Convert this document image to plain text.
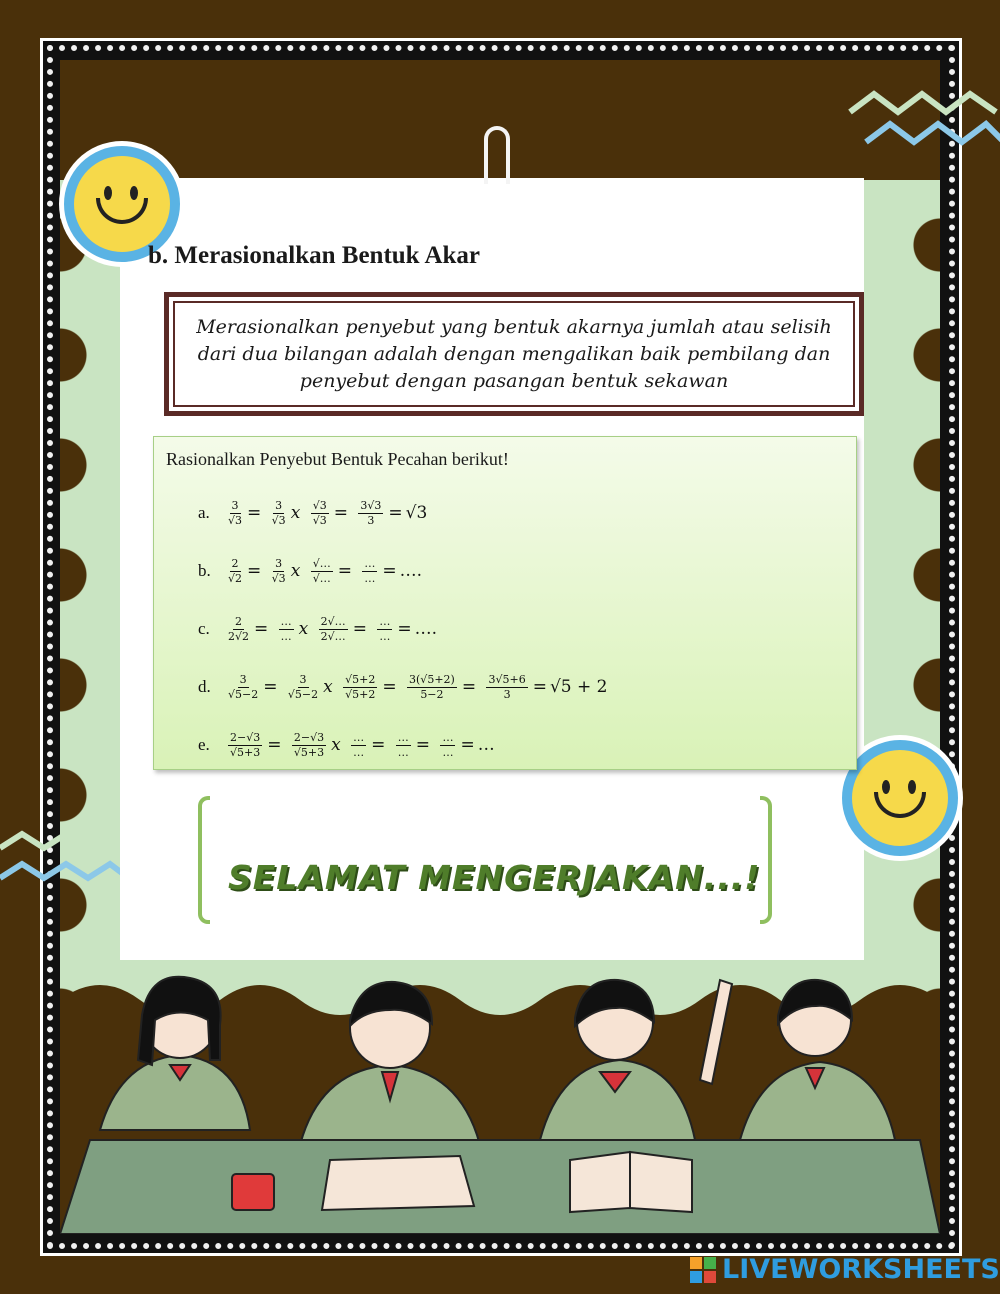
b. Merasionalkan Bentuk Akar
Merasionalkan penyebut yang bentuk akarnya jumlah atau selisih dari dua bilangan adalah dengan mengalikan baik pembilang dan penyebut dengan pasangan bentuk sekawan
Rasionalkan Penyebut Bentuk Pecahan berikut!
a.	$\frac{3}{√3} = \frac{3}{√3}$ x $\frac{√3}{√3} = \frac{3√3}{3} = √3$
b.	$\frac{2}{√2} = \frac{3}{√3}$ x $\frac{√\dots}{√\dots} = \frac{\dots}{\dots}$ = ….
c.	$\frac{2}{2√2} = \frac{\dots}{\dots}$ x $\frac{2√\dots}{2√\dots} = \frac{\dots}{\dots}$ = ….
d.	$\frac{3}{√5-2} = \frac{3}{√5-2}$ x $\frac{√5+2}{√5+2} = \frac{3(√5+2)}{5-2} = \frac{3√5+6}{3} = √5 + 2$
e.	$\frac{2-√3}{√5+3} = \frac{2-√3}{√5+3}$ x $\frac{\dots}{\dots} = \frac{\dots}{\dots} = \frac{\dots}{\dots}$ = …
SELAMAT MENGERJAKAN...!
LIVEWORKSHEETS
